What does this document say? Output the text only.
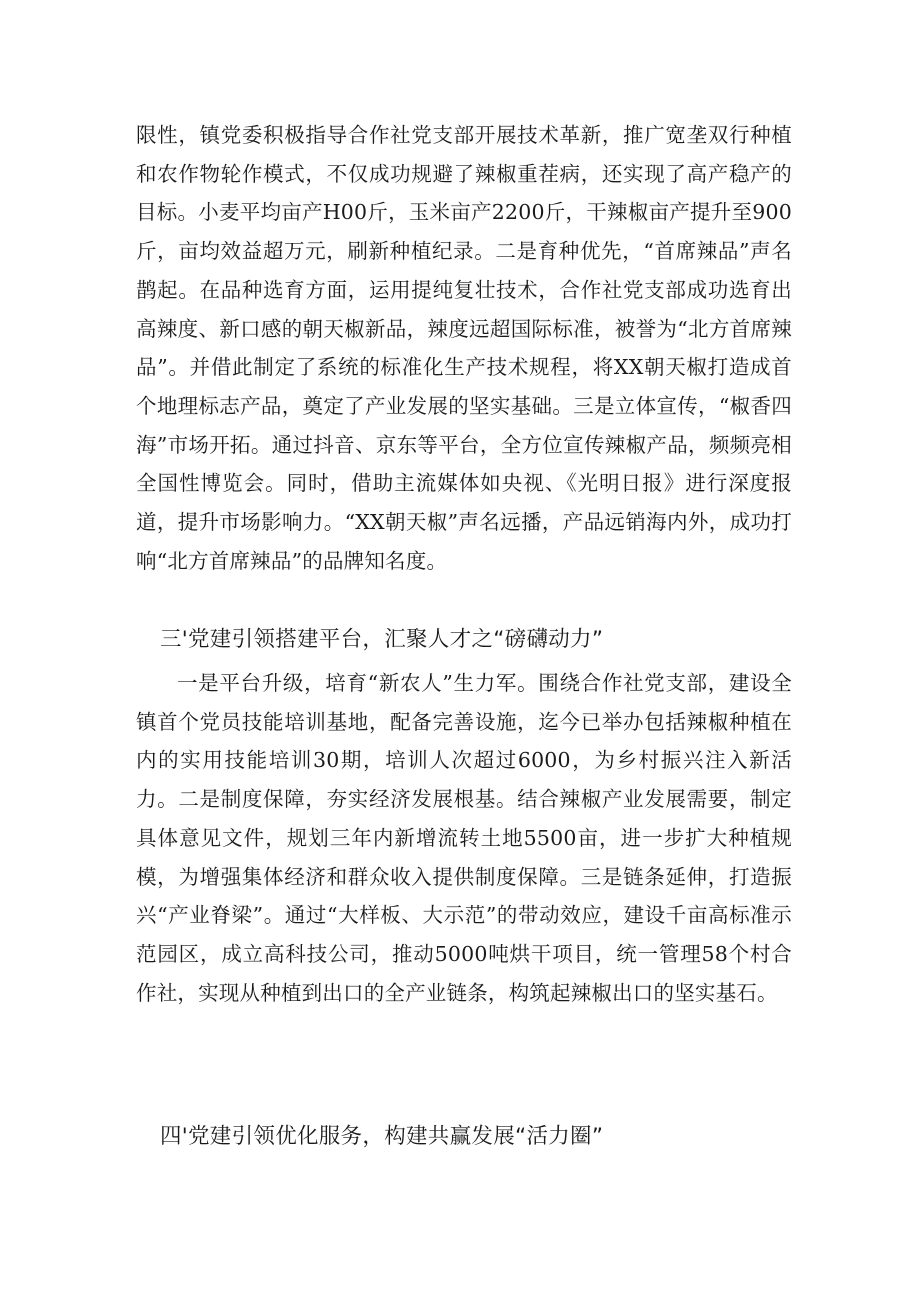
限性，镇党委积极指导合作社党支部开展技术革新，推广宽垄双行种植和农作物轮作模式，不仅成功规避了辣椒重茬病，还实现了高产稳产的目标。小麦平均亩产H00斤，玉米亩产2200斤，干辣椒亩产提升至900斤，亩均效益超万元，刷新种植纪录。二是育种优先，“首席辣品”声名鹊起。在品种选育方面，运用提纯复壮技术，合作社党支部成功选育出高辣度、新口感的朝天椒新品，辣度远超国际标准，被誉为“北方首席辣品”。并借此制定了系统的标准化生产技术规程，将XX朝天椒打造成首个地理标志产品，奠定了产业发展的坚实基础。三是立体宣传，“椒香四海”市场开拓。通过抖音、京东等平台，全方位宣传辣椒产品，频频亮相全国性博览会。同时，借助主流媒体如央视、《光明日报》进行深度报道，提升市场影响力。“XX朝天椒”声名远播，产品远销海内外，成功打响“北方首席辣品”的品牌知名度。

三'党建引领搭建平台，汇聚人才之“磅礴动力”

一是平台升级，培育“新农人”生力军。围绕合作社党支部，建设全镇首个党员技能培训基地，配备完善设施，迄今已举办包括辣椒种植在内的实用技能培训30期，培训人次超过6000，为乡村振兴注入新活力。二是制度保障，夯实经济发展根基。结合辣椒产业发展需要，制定具体意见文件，规划三年内新增流转土地5500亩，进一步扩大种植规模，为增强集体经济和群众收入提供制度保障。三是链条延伸，打造振兴“产业脊梁”。通过“大样板、大示范”的带动效应，建设千亩高标准示范园区，成立高科技公司，推动5000吨烘干项目，统一管理58个村合作社，实现从种植到出口的全产业链条，构筑起辣椒出口的坚实基石。

四'党建引领优化服务，构建共赢发展“活力圈”
